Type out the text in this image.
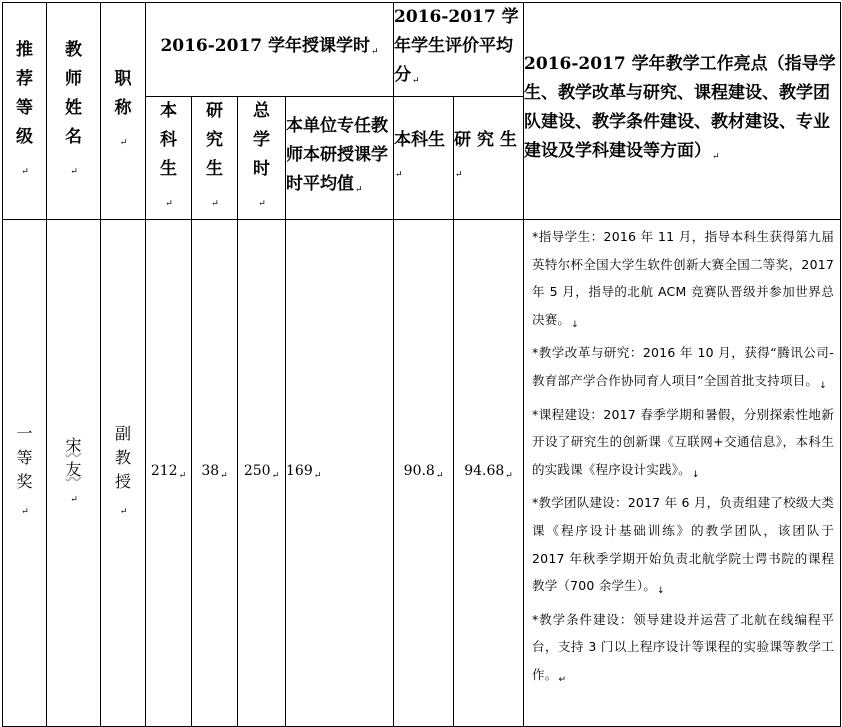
推荐等级↵	教师姓名↵	职称↵	2016-2017 学年授课学时↵				2016-2017 学年学生评价平均分↵		2016-2017 学年教学工作亮点（指导学生、教学改革与研究、课程建设、教学团队建设、教学条件建设、教材建设、专业建设及学科建设等方面）↵

			本科生↵	研究生↵	总学时↵	本单位专任教师本研授课学时平均值↵	本科生↵	研 究 生↵	

一等奖↵	宋友↵	副教授↵	$212_↵$	$38_↵$	$250_↵$	$169_↵$	$90.8_↵$	$94.68_↵$	*指导学生：2016 年 11 月，指导本科生获得第九届英特尔杯全国大学生软件创新大赛全国二等奖，2017 年 5 月，指导的北航 ACM 竞赛队晋级并参加世界总决赛。$_↓$

*教学改革与研究：2016 年 10 月，获得“腾讯公司-教育部产学合作协同育人项目”全国首批支持项目。$_↓$

*课程建设：2017 春季学期和暑假，分别探索性地新开设了研究生的创新课《互联网+交通信息》，本科生的实践课《程序设计实践》。$_↓$

*教学团队建设：2017 年 6 月，负责组建了校级大类课《程序设计基础训练》的教学团队，该团队于 2017 年秋季学期开始负责北航学院士谔书院的课程教学（700 余学生）。$_↓$

*教学条件建设：领导建设并运营了北航在线编程平台，支持 3 门以上程序设计等课程的实验课等教学工作。$_↵$
